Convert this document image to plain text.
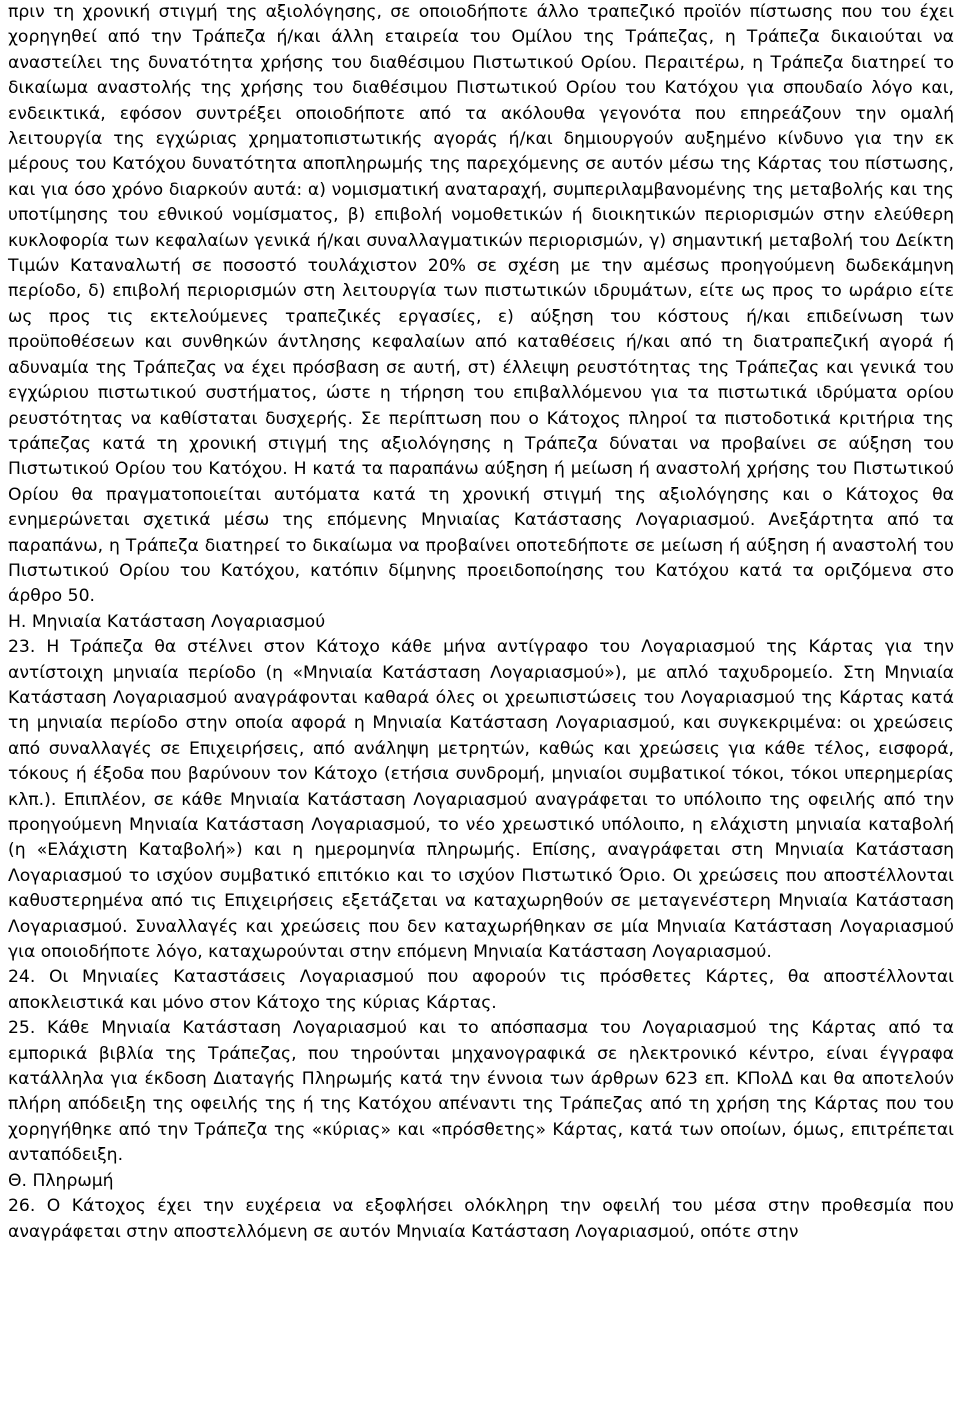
πριν τη χρονική στιγμή της αξιολόγησης, σε οποιοδήποτε άλλο τραπεζικό προϊόν πίστωσης που του έχει χορηγηθεί από την Τράπεζα ή/και άλλη εταιρεία του Ομίλου της Τράπεζας, η Τράπεζα δικαιούται να αναστείλει της δυνατότητα χρήσης του διαθέσιμου Πιστωτικού Ορίου. Περαιτέρω, η Τράπεζα διατηρεί το δικαίωμα αναστολής της χρήσης του διαθέσιμου Πιστωτικού Ορίου του Κατόχου για σπουδαίο λόγο και, ενδεικτικά, εφόσον συντρέξει οποιοδήποτε από τα ακόλουθα γεγονότα που επηρεάζουν την ομαλή λειτουργία της εγχώριας χρηματοπιστωτικής αγοράς ή/και δημιουργούν αυξημένο κίνδυνο για την εκ μέρους του Κατόχου δυνατότητα αποπληρωμής της παρεχόμενης σε αυτόν μέσω της Κάρτας του πίστωσης, και για όσο χρόνο διαρκούν αυτά: α) νομισματική αναταραχή, συμπεριλαμβανομένης της μεταβολής και της υποτίμησης του εθνικού νομίσματος, β) επιβολή νομοθετικών ή διοικητικών περιορισμών στην ελεύθερη κυκλοφορία των κεφαλαίων γενικά ή/και συναλλαγματικών περιορισμών, γ) σημαντική μεταβολή του Δείκτη Τιμών Καταναλωτή σε ποσοστό τουλάχιστον 20% σε σχέση με την αμέσως προηγούμενη δωδεκάμηνη περίοδο, δ) επιβολή περιορισμών στη λειτουργία των πιστωτικών ιδρυμάτων, είτε ως προς το ωράριο είτε ως προς τις εκτελούμενες τραπεζικές εργασίες, ε) αύξηση του κόστους ή/και επιδείνωση των προϋποθέσεων και συνθηκών άντλησης κεφαλαίων από καταθέσεις ή/και από τη διατραπεζική αγορά ή αδυναμία της Τράπεζας να έχει πρόσβαση σε αυτή, στ) έλλειψη ρευστότητας της Τράπεζας και γενικά του εγχώριου πιστωτικού συστήματος, ώστε η τήρηση του επιβαλλόμενου για τα πιστωτικά ιδρύματα ορίου ρευστότητας να καθίσταται δυσχερής. Σε περίπτωση που ο Κάτοχος πληροί τα πιστοδοτικά κριτήρια της τράπεζας κατά τη χρονική στιγμή της αξιολόγησης η Τράπεζα δύναται να προβαίνει σε αύξηση του Πιστωτικού Ορίου του Κατόχου. Η κατά τα παραπάνω αύξηση ή μείωση ή αναστολή χρήσης του Πιστωτικού Ορίου θα πραγματοποιείται αυτόματα κατά τη χρονική στιγμή της αξιολόγησης και ο Κάτοχος θα ενημερώνεται σχετικά μέσω της επόμενης Μηνιαίας Κατάστασης Λογαριασμού. Ανεξάρτητα από τα παραπάνω, η Τράπεζα διατηρεί το δικαίωμα να προβαίνει οποτεδήποτε σε μείωση ή αύξηση ή αναστολή του Πιστωτικού Ορίου του Κατόχου, κατόπιν δίμηνης προειδοποίησης του Κατόχου κατά τα οριζόμενα στο άρθρο 50.

Η. Μηνιαία Κατάσταση Λογαριασμού

23. Η Τράπεζα θα στέλνει στον Κάτοχο κάθε μήνα αντίγραφο του Λογαριασμού της Κάρτας για την αντίστοιχη μηνιαία περίοδο (η «Μηνιαία Κατάσταση Λογαριασμού»), με απλό ταχυδρομείο. Στη Μηνιαία Κατάσταση Λογαριασμού αναγράφονται καθαρά όλες οι χρεωπιστώσεις του Λογαριασμού της Κάρτας κατά τη μηνιαία περίοδο στην οποία αφορά η Μηνιαία Κατάσταση Λογαριασμού, και συγκεκριμένα: οι χρεώσεις από συναλλαγές σε Επιχειρήσεις, από ανάληψη μετρητών, καθώς και χρεώσεις για κάθε τέλος, εισφορά, τόκους ή έξοδα που βαρύνουν τον Κάτοχο (ετήσια συνδρομή, μηνιαίοι συμβατικοί τόκοι, τόκοι υπερημερίας κλπ.). Επιπλέον, σε κάθε Μηνιαία Κατάσταση Λογαριασμού αναγράφεται το υπόλοιπο της οφειλής από την προηγούμενη Μηνιαία Κατάσταση Λογαριασμού, το νέο χρεωστικό υπόλοιπο, η ελάχιστη μηνιαία καταβολή (η «Ελάχιστη Καταβολή») και η ημερομηνία πληρωμής. Επίσης, αναγράφεται στη Μηνιαία Κατάσταση Λογαριασμού το ισχύον συμβατικό επιτόκιο και το ισχύον Πιστωτικό Όριο. Οι χρεώσεις που αποστέλλονται καθυστερημένα από τις Επιχειρήσεις εξετάζεται να καταχωρηθούν σε μεταγενέστερη Μηνιαία Κατάσταση Λογαριασμού. Συναλλαγές και χρεώσεις που δεν καταχωρήθηκαν σε μία Μηνιαία Κατάσταση Λογαριασμού για οποιοδήποτε λόγο, καταχωρούνται στην επόμενη Μηνιαία Κατάσταση Λογαριασμού.

24. Οι Μηνιαίες Καταστάσεις Λογαριασμού που αφορούν τις πρόσθετες Κάρτες, θα αποστέλλονται αποκλειστικά και μόνο στον Κάτοχο της κύριας Κάρτας.

25. Κάθε Μηνιαία Κατάσταση Λογαριασμού και το απόσπασμα του Λογαριασμού της Κάρτας από τα εμπορικά βιβλία της Τράπεζας, που τηρούνται μηχανογραφικά σε ηλεκτρονικό κέντρο, είναι έγγραφα κατάλληλα για έκδοση Διαταγής Πληρωμής κατά την έννοια των άρθρων 623 επ. ΚΠολΔ και θα αποτελούν πλήρη απόδειξη της οφειλής της ή της Κατόχου απέναντι της Τράπεζας από τη χρήση της Κάρτας που του χορηγήθηκε από την Τράπεζα της «κύριας» και «πρόσθετης» Κάρτας, κατά των οποίων, όμως, επιτρέπεται ανταπόδειξη.

Θ. Πληρωμή

26. Ο Κάτοχος έχει την ευχέρεια να εξοφλήσει ολόκληρη την οφειλή του μέσα στην προθεσμία που αναγράφεται στην αποστελλόμενη σε αυτόν Μηνιαία Κατάσταση Λογαριασμού, οπότε στην
